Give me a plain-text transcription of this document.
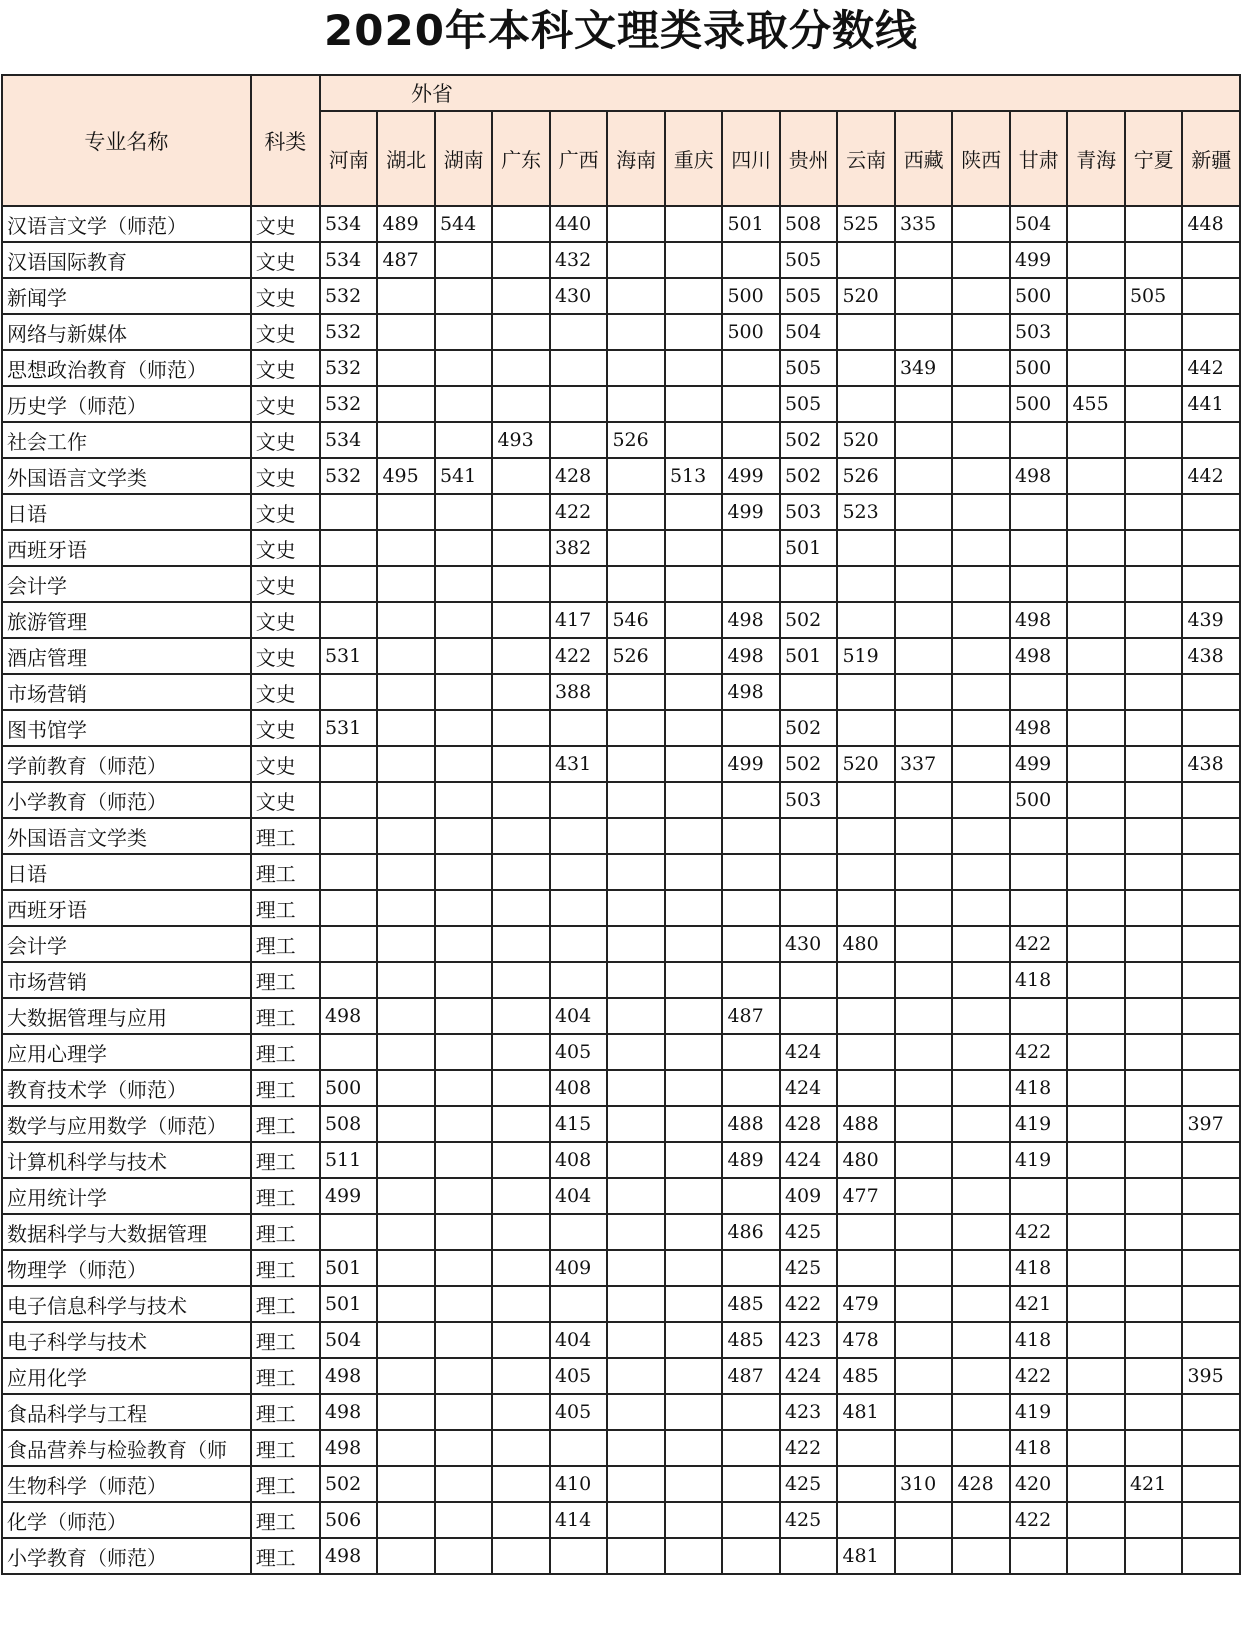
2020年本科文理类录取分数线
专业名称	科类	外省															
		河南	湖北	湖南	广东	广西	海南	重庆	四川	贵州	云南	西藏	陕西	甘肃	青海	宁夏	新疆
汉语言文学（师范）	文史	534	489	544		440			501	508	525	335		504			448
汉语国际教育	文史	534	487			432				505				499			
新闻学	文史	532				430			500	505	520			500		505	
网络与新媒体	文史	532							500	504				503			
思想政治教育（师范）	文史	532								505		349		500			442
历史学（师范）	文史	532								505				500	455		441
社会工作	文史	534			493		526			502	520						
外国语言文学类	文史	532	495	541		428		513	499	502	526			498			442
日语	文史					422			499	503	523						
西班牙语	文史					382				501							
会计学	文史																
旅游管理	文史					417	546		498	502				498			439
酒店管理	文史	531				422	526		498	501	519			498			438
市场营销	文史					388			498								
图书馆学	文史	531								502				498			
学前教育（师范）	文史					431			499	502	520	337		499			438
小学教育（师范）	文史									503				500			
外国语言文学类	理工																
日语	理工																
西班牙语	理工																
会计学	理工									430	480			422			
市场营销	理工													418			
大数据管理与应用	理工	498				404			487								
应用心理学	理工					405				424				422			
教育技术学（师范）	理工	500				408				424				418			
数学与应用数学（师范）	理工	508				415			488	428	488			419			397
计算机科学与技术	理工	511				408			489	424	480			419			
应用统计学	理工	499				404				409	477						
数据科学与大数据管理	理工								486	425				422			
物理学（师范）	理工	501				409				425				418			
电子信息科学与技术	理工	501							485	422	479			421			
电子科学与技术	理工	504				404			485	423	478			418			
应用化学	理工	498				405			487	424	485			422			395
食品科学与工程	理工	498				405				423	481			419			
食品营养与检验教育（师	理工	498								422				418			
生物科学（师范）	理工	502				410				425		310	428	420		421	
化学（师范）	理工	506				414				425				422			
小学教育（师范）	理工	498									481						
